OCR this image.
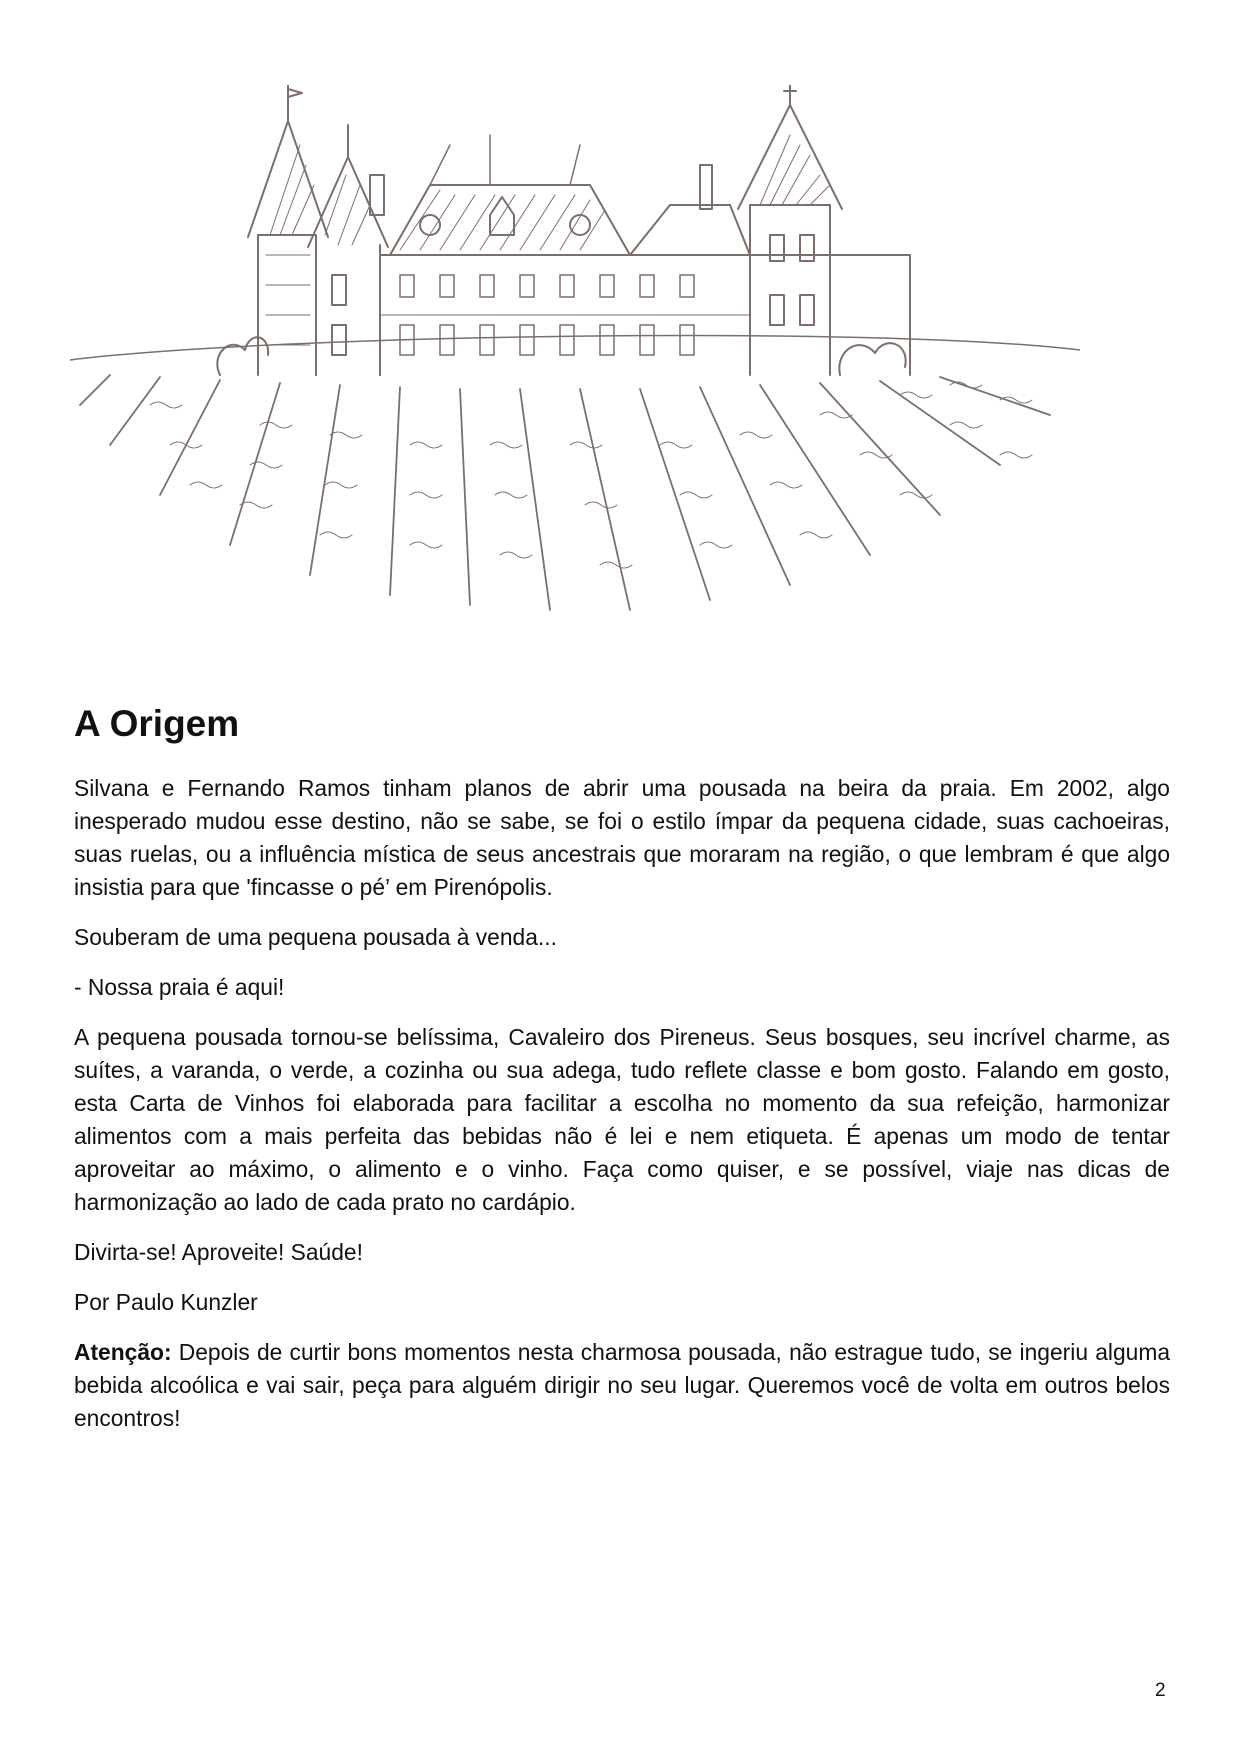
A Origem

Silvana e Fernando Ramos tinham planos de abrir uma pousada na beira da praia. Em 2002, algo inesperado mudou esse destino, não se sabe, se foi o estilo ímpar da pequena cidade, suas cachoeiras, suas ruelas, ou a influência mística de seus ancestrais que moraram na região, o que lembram é que algo insistia para que 'fincasse o pé’ em Pirenópolis.

Souberam de uma pequena pousada à venda...

- Nossa praia é aqui!

A pequena pousada tornou-se belíssima, Cavaleiro dos Pireneus. Seus bosques, seu incrível charme, as suítes, a varanda, o verde, a cozinha ou sua adega, tudo reflete classe e bom gosto. Falando em gosto, esta Carta de Vinhos foi elaborada para facilitar a escolha no momento da sua refeição, harmonizar alimentos com a mais perfeita das bebidas não é lei e nem etiqueta. É apenas um modo de tentar aproveitar ao máximo, o alimento e o vinho. Faça como quiser, e se possível, viaje nas dicas de harmonização ao lado de cada prato no cardápio.

Divirta-se! Aproveite! Saúde!

Por Paulo Kunzler

Atenção: Depois de curtir bons momentos nesta charmosa pousada, não estrague tudo, se ingeriu alguma bebida alcoólica e vai sair, peça para alguém dirigir no seu lugar. Queremos você de volta em outros belos encontros!

2
